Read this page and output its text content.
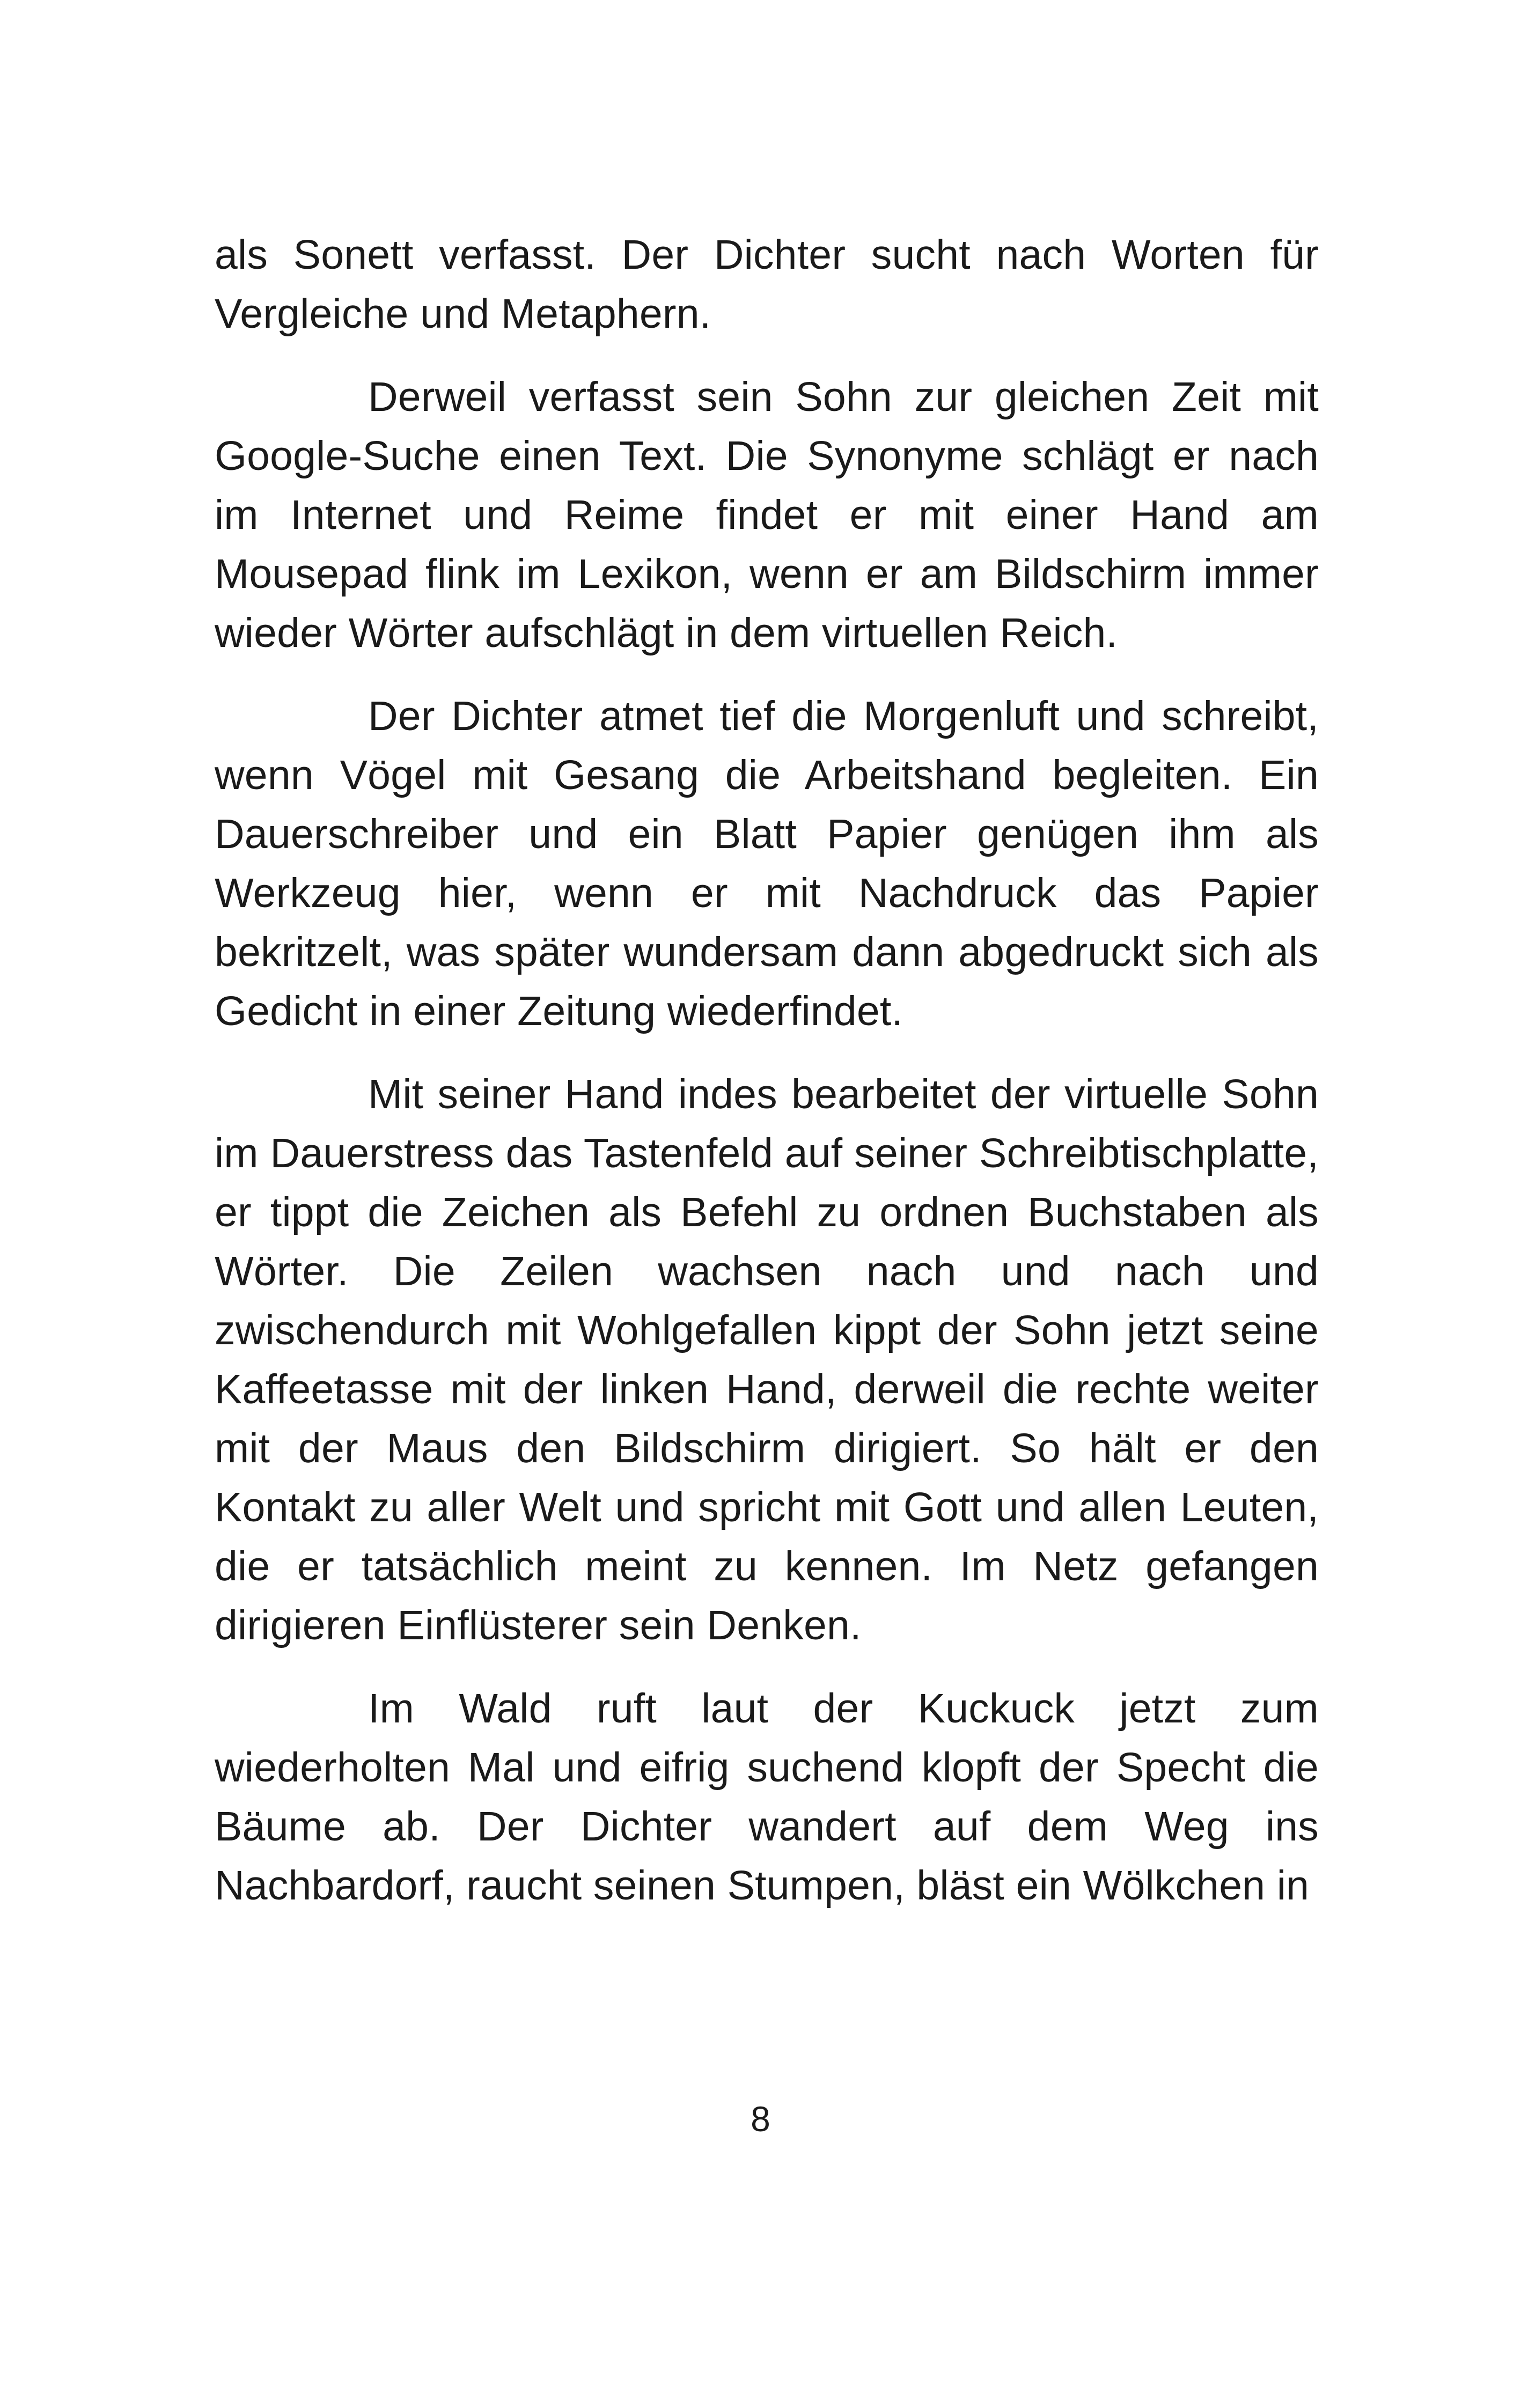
als Sonett verfasst. Der Dichter sucht nach Worten für Vergleiche und Metaphern.

Derweil verfasst sein Sohn zur gleichen Zeit mit Google-Suche einen Text. Die Synonyme schlägt er nach im Internet und Reime findet er mit einer Hand am Mousepad flink im Lexikon, wenn er am Bildschirm immer wieder Wörter aufschlägt in dem virtuellen Reich.

Der Dichter atmet tief die Morgenluft und schreibt, wenn Vögel mit Gesang die Arbeitshand begleiten. Ein Dauerschreiber und ein Blatt Papier genügen ihm als Werkzeug hier, wenn er mit Nachdruck das Papier bekritzelt, was später wundersam dann abgedruckt sich als Gedicht in einer Zeitung wiederfindet.

Mit seiner Hand indes bearbeitet der virtuelle Sohn im Dauerstress das Tastenfeld auf seiner Schreibtischplatte, er tippt die Zeichen als Befehl zu ordnen Buchstaben als Wörter. Die Zeilen wachsen nach und nach und zwischendurch mit Wohlgefallen kippt der Sohn jetzt seine Kaffeetasse mit der linken Hand, derweil die rechte weiter mit der Maus den Bildschirm dirigiert. So hält er den Kontakt zu aller Welt und spricht mit Gott und allen Leuten, die er tatsächlich meint zu kennen. Im Netz gefangen dirigieren Einflüsterer sein Denken.

Im Wald ruft laut der Kuckuck jetzt zum wiederholten Mal und eifrig suchend klopft der Specht die Bäume ab. Der Dichter wandert auf dem Weg ins Nachbardorf, raucht seinen Stumpen, bläst ein Wölkchen in

8
